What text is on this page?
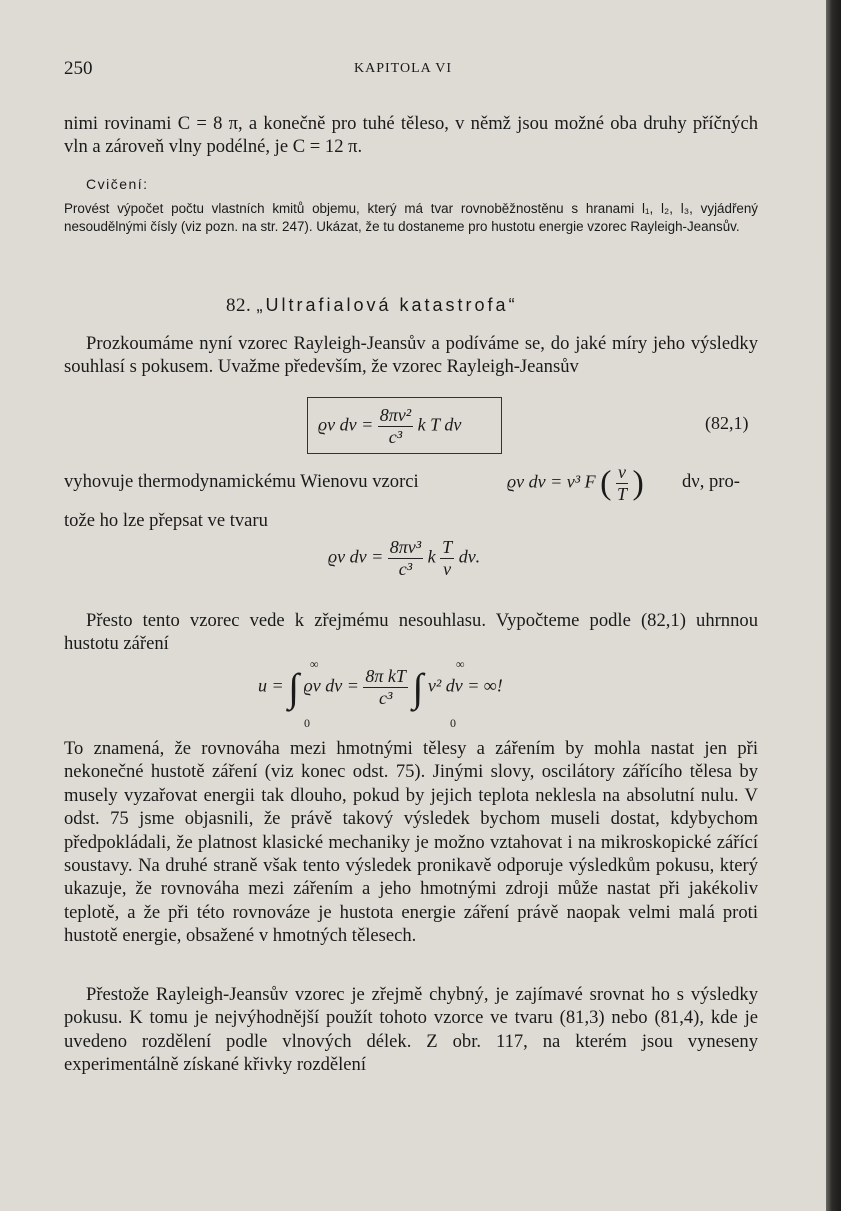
250	KAPITOLA VI
nimi rovinami C = 8 π, a konečně pro tuhé těleso, v němž jsou možné oba druhy příčných vln a zároveň vlny podélné, je C = 12 π.
Cvičení:
Provést výpočet počtu vlastních kmitů objemu, který má tvar rovnoběžnostěnu s hranami l₁, l₂, l₃, vyjádřený nesoudělnými čísly (viz pozn. na str. 247). Ukázat, že tu dostaneme pro hustotu energie vzorec Rayleigh-Jeansův.
82. „Ultrafialová katastrofa“
Prozkoumáme nyní vzorec Rayleigh-Jeansův a podíváme se, do jaké míry jeho výsledky souhlasí s pokusem. Uvažme především, že vzorec Rayleigh-Jeansův
ϱν $d\nu = \frac{\text{8πν²}}{\text{c³}}$ k T dν	(82,1)
vyhovuje thermodynamickému Wienovu vzorci	ϱν dν = ν³ F ( $\frac{\nu}{T}$ ) dν, pro-
tože ho lze přepsat ve tvaru
ϱν $d\nu = \frac{\text{8πν³}}{\text{c³}}$ k $\frac{T}{\nu} d\nu$.
Přesto tento vzorec vede k zřejmému nesouhlasu. Vypočteme podle (82,1) uhrnnou hustotu záření
u = ∫ ϱν $d\nu = \frac{\text{8π kT}}{\text{c³}}$ ∫ ν² dν = ∞!
∞
0
∞
0
To znamená, že rovnováha mezi hmotnými tělesy a zářením by mohla nastat jen při nekonečné hustotě záření (viz konec odst. 75). Jinými slovy, oscilátory zářícího tělesa by musely vyzařovat energii tak dlouho, pokud by jejich teplota neklesla na absolutní nulu. V odst. 75 jsme objasnili, že právě takový výsledek bychom museli dostat, kdybychom předpokládali, že platnost klasické mechaniky je možno vztahovat i na mikroskopické zářící soustavy. Na druhé straně však tento výsledek pronikavě odporuje výsledkům pokusu, který ukazuje, že rovnováha mezi zářením a jeho hmotnými zdroji může nastat při jakékoliv teplotě, a že při této rovnováze je hustota energie záření právě naopak velmi malá proti hustotě energie, obsažené v hmotných tělesech.
Přestože Rayleigh-Jeansův vzorec je zřejmě chybný, je zajímavé srovnat ho s výsledky pokusu. K tomu je nejvýhodnější použít tohoto vzorce ve tvaru (81,3) nebo (81,4), kde je uvedeno rozdělení podle vlnových délek. Z obr. 117, na kterém jsou vyneseny experimentálně získané křivky rozdělení
